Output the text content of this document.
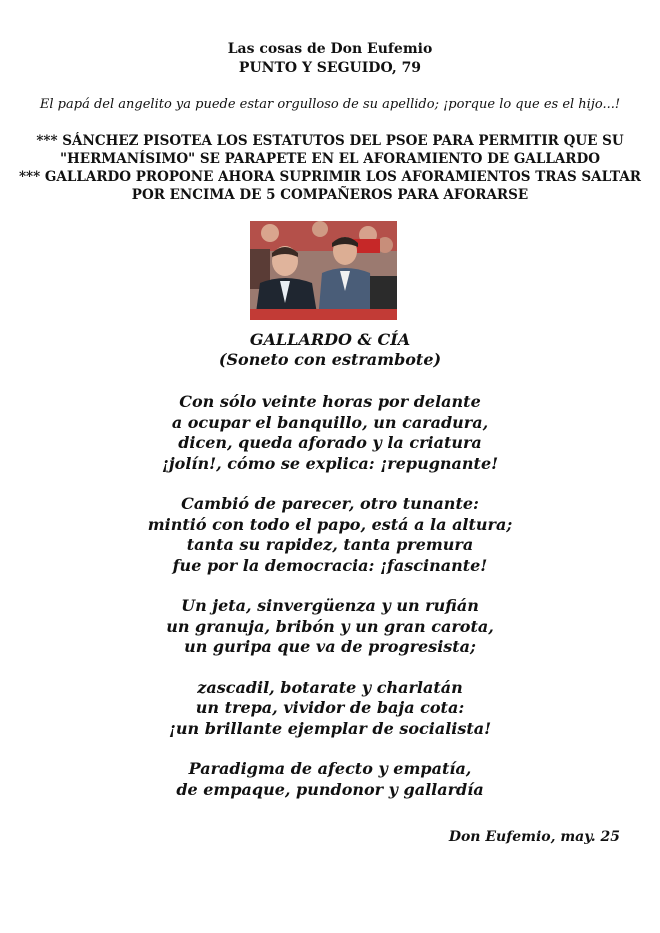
Las cosas de Don Eufemio
PUNTO Y SEGUIDO, 79
El papá del angelito ya puede estar orgulloso de su apellido; ¡porque lo que es el hijo...!
*** SÁNCHEZ PISOTEA LOS ESTATUTOS DEL PSOE PARA PERMITIR QUE SU
"HERMANÍSIMO" SE PARAPETE EN EL AFORAMIENTO DE GALLARDO
*** GALLARDO PROPONE AHORA SUPRIMIR LOS AFORAMIENTOS TRAS SALTAR
POR ENCIMA DE 5 COMPAÑEROS PARA AFORARSE
GALLARDO & CÍA
(Soneto con estrambote)
Con sólo veinte horas por delante
a ocupar el banquillo, un caradura,
dicen, queda aforado y la criatura
¡jolín!, cómo se explica: ¡repugnante!
Cambió de parecer, otro tunante:
mintió con todo el papo, está a la altura;
tanta su rapidez, tanta premura
fue por la democracia: ¡fascinante!
Un jeta, sinvergüenza y un rufián
un granuja, bribón y un gran carota,
un guripa que va de progresista;
zascadil, botarate y charlatán
un trepa, vividor de baja cota:
¡un brillante ejemplar de socialista!
Paradigma de afecto y empatía,
de empaque, pundonor y gallardía
Don Eufemio, may. 25
